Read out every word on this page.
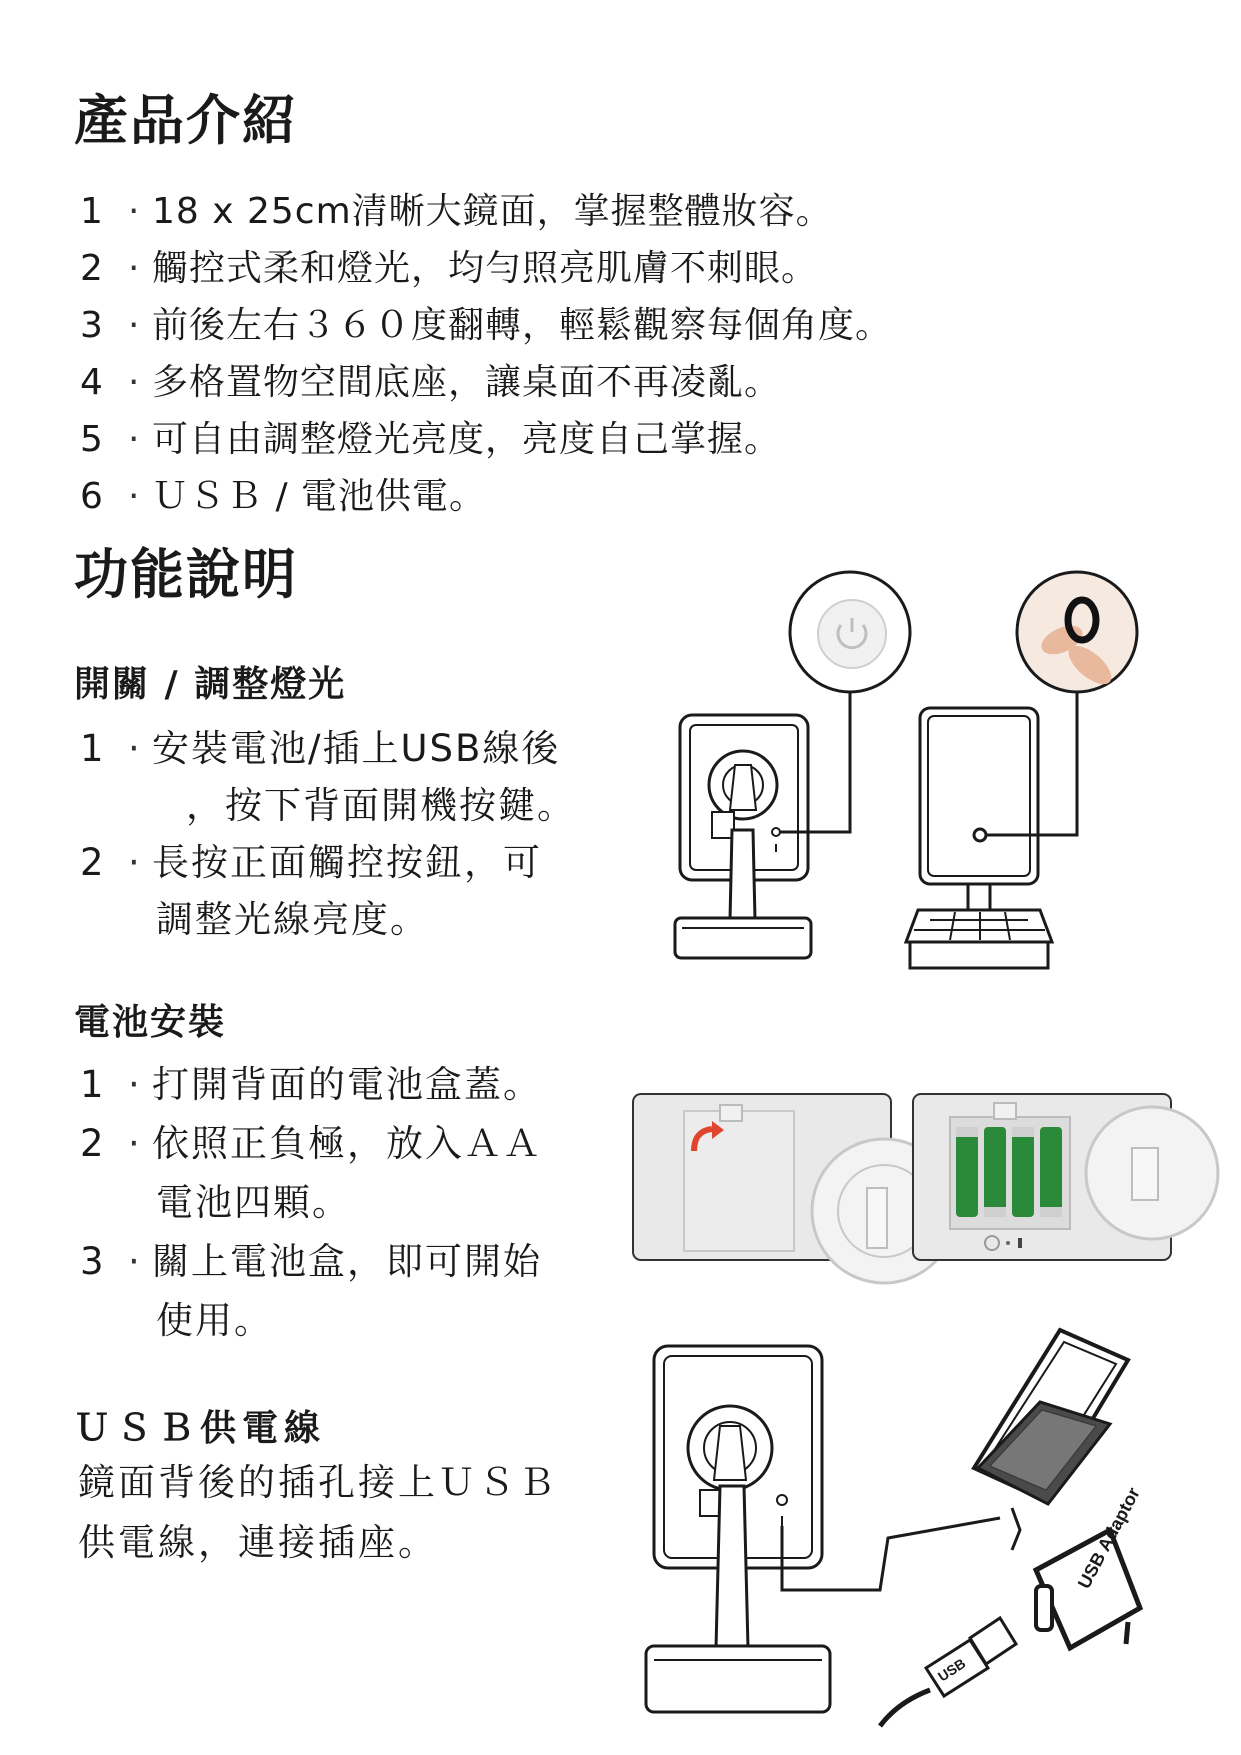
產品介紹
1 · 18 x 25cm清晰大鏡面，掌握整體妝容。
2 · 觸控式柔和燈光，均勻照亮肌膚不刺眼。
3 · 前後左右３６０度翻轉，輕鬆觀察每個角度。
4 · 多格置物空間底座，讓桌面不再凌亂。
5 · 可自由調整燈光亮度，亮度自己掌握。
6 · ＵＳＢ / 電池供電。
功能說明
開關 / 調整燈光
1 · 安裝電池/插上USB線後
，按下背面開機按鍵。
2 · 長按正面觸控按鈕，可
調整光線亮度。
電池安裝
1 · 打開背面的電池盒蓋。
2 · 依照正負極，放入ＡＡ
電池四顆。
3 · 關上電池盒，即可開始
使用。
ＵＳＢ供電線
鏡面背後的插孔接上ＵＳＢ
供電線，連接插座。	USB Adaptor
USB
